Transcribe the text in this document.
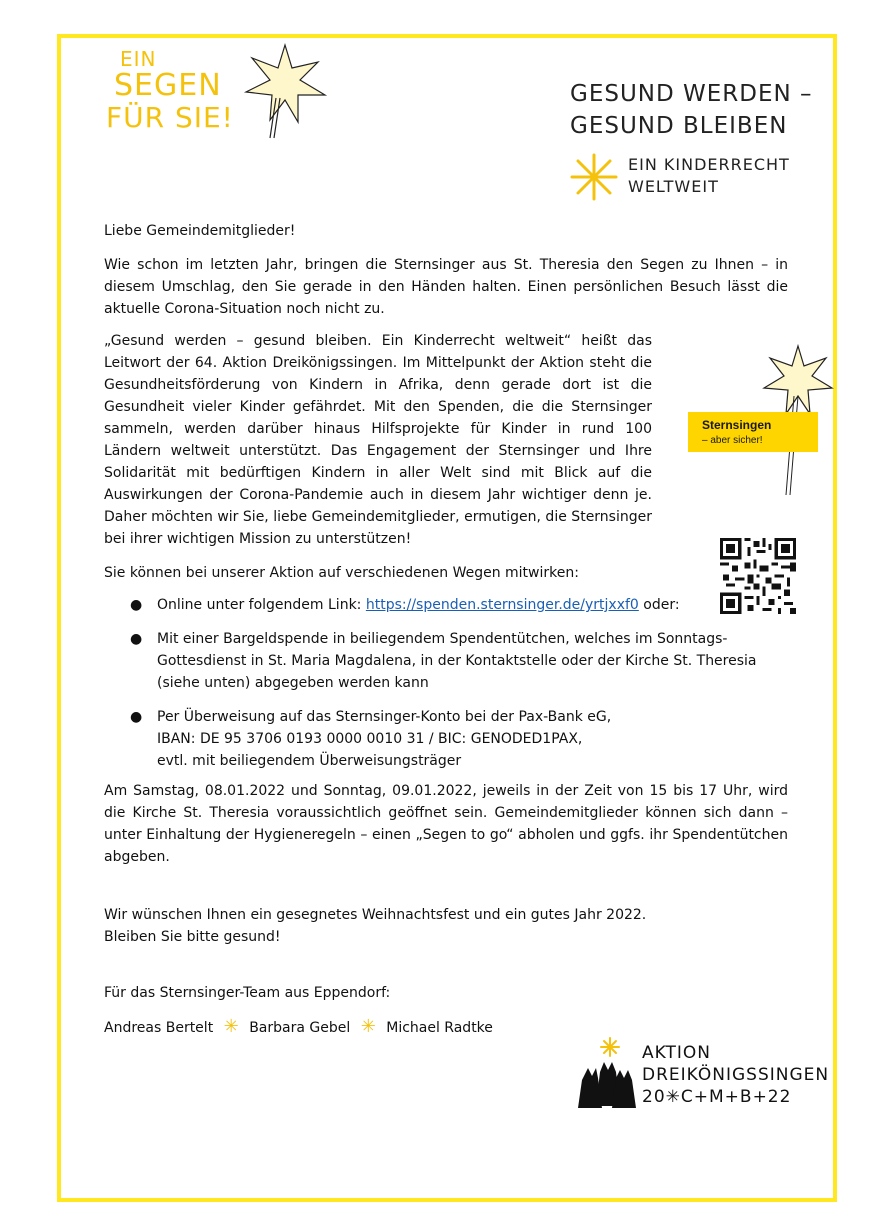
EIN
SEGEN
FÜR SIE!
GESUND WERDEN –
GESUND BLEIBEN
EIN KINDERRECHT
WELTWEIT
Liebe Gemeindemitglieder!
Wie schon im letzten Jahr, bringen die Sternsinger aus St. Theresia den Segen zu Ihnen – in diesem Umschlag, den Sie gerade in den Händen halten. Einen persönlichen Besuch lässt die aktuelle Corona-Situation noch nicht zu.
„Gesund werden – gesund bleiben. Ein Kinderrecht weltweit“ heißt das Leitwort der 64. Aktion Dreikönigssingen. Im Mittelpunkt der Aktion steht die Gesundheitsförderung von Kindern in Afrika, denn gerade dort ist die Gesundheit vieler Kinder gefährdet. Mit den Spenden, die die Sternsinger sammeln, werden darüber hinaus Hilfsprojekte für Kinder in rund 100 Ländern weltweit unterstützt. Das Engagement der Sternsinger und Ihre Solidarität mit bedürftigen Kindern in aller Welt sind mit Blick auf die Auswirkungen der Corona-Pandemie auch in diesem Jahr wichtiger denn je. Daher möchten wir Sie, liebe Gemeindemitglieder, ermutigen, die Sternsinger bei ihrer wichtigen Mission zu unterstützen!
Sternsingen
– aber sicher!
Sie können bei unserer Aktion auf verschiedenen Wegen mitwirken:
● Online unter folgendem Link: https://spenden.sternsinger.de/yrtjxxf0 oder:
● Mit einer Bargeldspende in beiliegendem Spendentütchen, welches im Sonntags-
Gottesdienst in St. Maria Magdalena, in der Kontaktstelle oder der Kirche St. Theresia
(siehe unten) abgegeben werden kann
● Per Überweisung auf das Sternsinger-Konto bei der Pax-Bank eG,
IBAN: DE 95 3706 0193 0000 0010 31 / BIC: GENODED1PAX,
evtl. mit beiliegendem Überweisungsträger
Am Samstag, 08.01.2022 und Sonntag, 09.01.2022, jeweils in der Zeit von 15 bis 17 Uhr, wird die Kirche St. Theresia voraussichtlich geöffnet sein. Gemeindemitglieder können sich dann – unter Einhaltung der Hygieneregeln – einen „Segen to go“ abholen und ggfs. ihr Spendentütchen abgeben.
Wir wünschen Ihnen ein gesegnetes Weihnachtsfest und ein gutes Jahr 2022.
Bleiben Sie bitte gesund!
Für das Sternsinger-Team aus Eppendorf:
Andreas Bertelt ✳ Barbara Gebel ✳ Michael Radtke
AKTION
DREIKÖNIGSSINGEN
20✳C+M+B+22
